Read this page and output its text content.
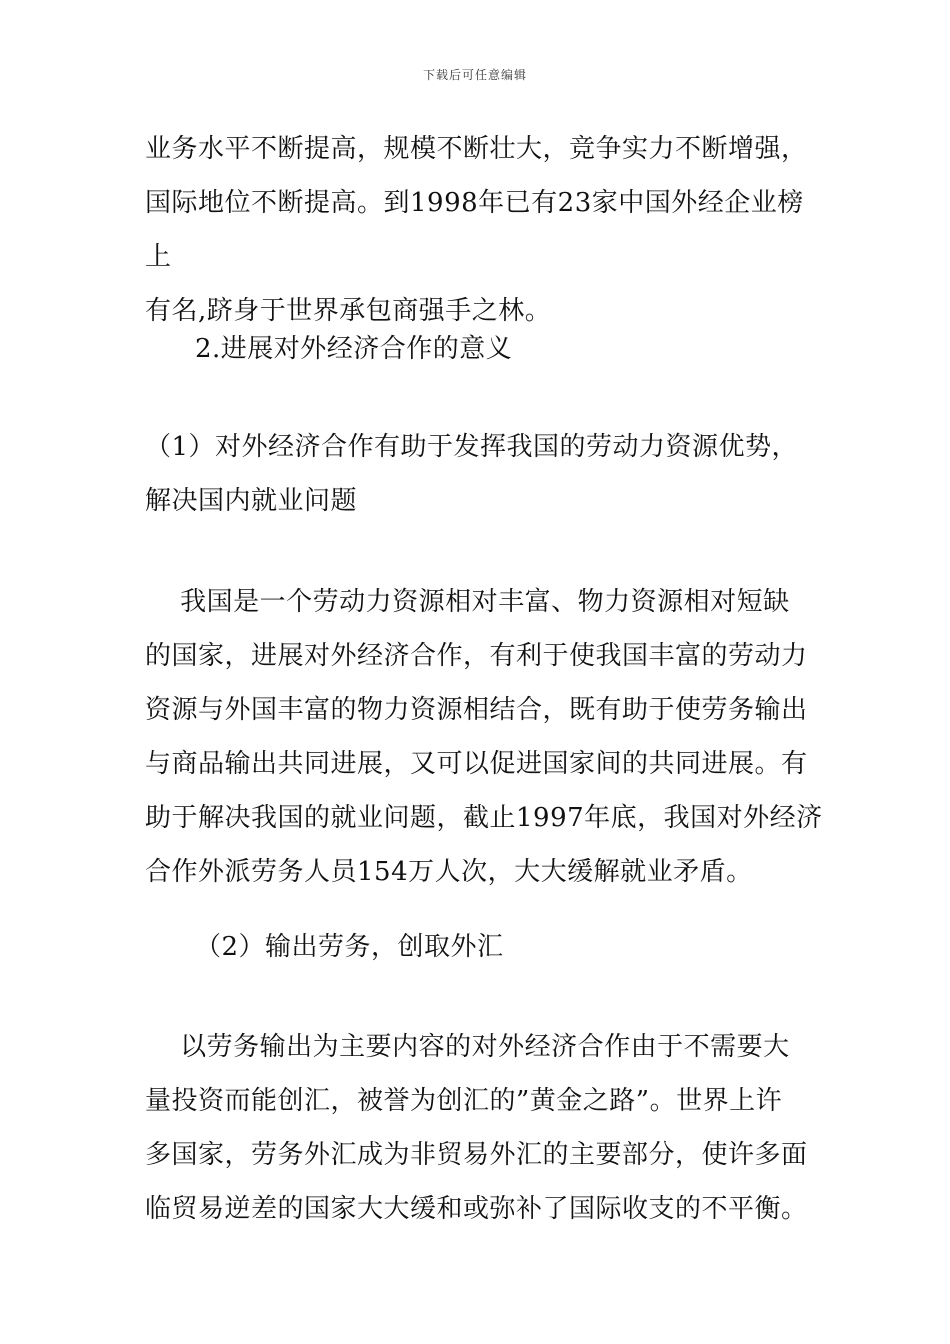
下载后可任意编辑

业务水平不断提高，规模不断壮大，竞争实力不断增强，
国际地位不断提高。到1998年已有23家中国外经企业榜上
有名,跻身于世界承包商强手之林。

2.进展对外经济合作的意义

（1）对外经济合作有助于发挥我国的劳动力资源优势，
解决国内就业问题

我国是一个劳动力资源相对丰富、物力资源相对短缺
的国家，进展对外经济合作，有利于使我国丰富的劳动力
资源与外国丰富的物力资源相结合，既有助于使劳务输出
与商品输出共同进展，又可以促进国家间的共同进展。有
助于解决我国的就业问题，截止1997年底，我国对外经济
合作外派劳务人员154万人次，大大缓解就业矛盾。

（2）输出劳务，创取外汇

以劳务输出为主要内容的对外经济合作由于不需要大
量投资而能创汇，被誉为创汇的”黄金之路”。世界上许
多国家，劳务外汇成为非贸易外汇的主要部分，使许多面
临贸易逆差的国家大大缓和或弥补了国际收支的不平衡。
